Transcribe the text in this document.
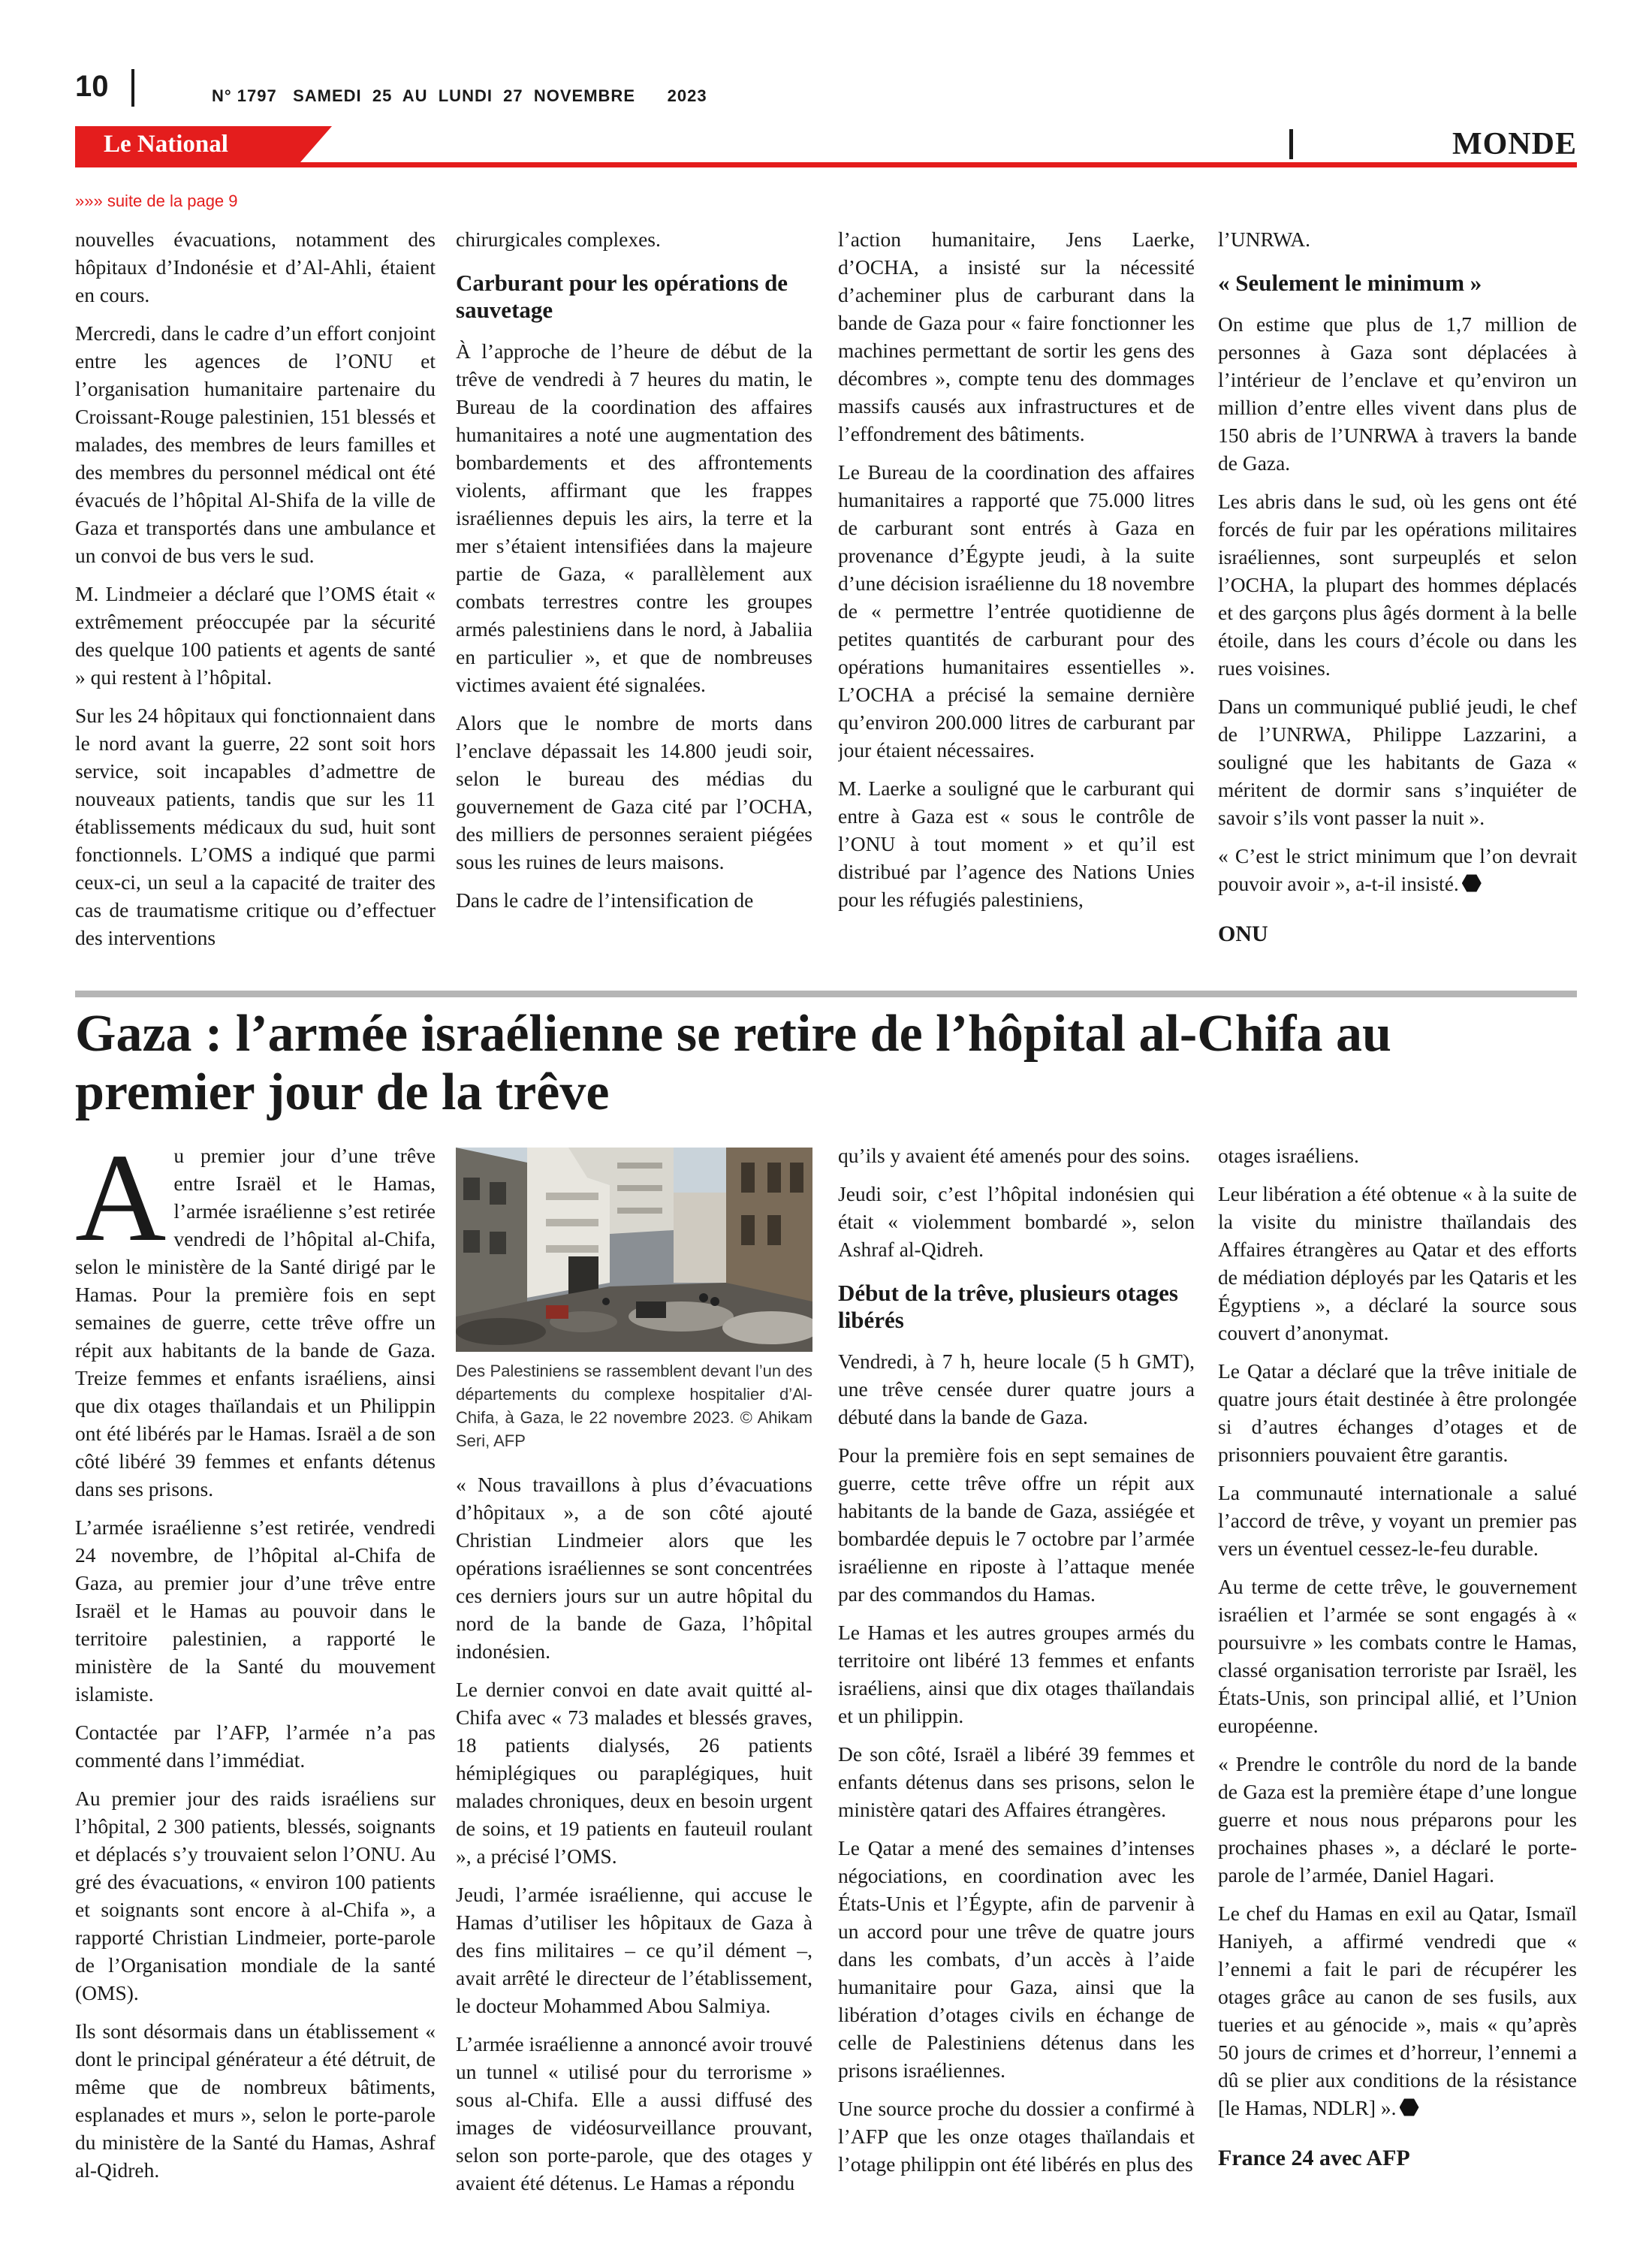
10	N° 1797   SAMEDI  25  AU  LUNDI  27  NOVEMBRE      2023
Le National	MONDE
»»» suite de la page 9

nouvelles évacuations, notamment des hôpitaux d’Indonésie et d’Al-Ahli, étaient en cours.

Mercredi, dans le cadre d’un effort conjoint entre les agences de l’ONU et l’organisation humanitaire partenaire du Croissant-Rouge palestinien, 151 blessés et malades, des membres de leurs familles et des membres du personnel médical ont été évacués de l’hôpital Al-Shifa de la ville de Gaza et transportés dans une ambulance et un convoi de bus vers le sud.

M. Lindmeier a déclaré que l’OMS était « extrêmement préoccupée par la sécurité des quelque 100 patients et agents de santé » qui restent à l’hôpital.

Sur les 24 hôpitaux qui fonctionnaient dans le nord avant la guerre, 22 sont soit hors service, soit incapables d’admettre de nouveaux patients, tandis que sur les 11 établissements médicaux du sud, huit sont fonctionnels. L’OMS a indiqué que parmi ceux-ci, un seul a la capacité de traiter des cas de traumatisme critique ou d’effectuer des interventions

chirurgicales complexes.

Carburant pour les opérations de sauvetage

À l’approche de l’heure de début de la trêve de vendredi à 7 heures du matin, le Bureau de la coordination des affaires humanitaires a noté une augmentation des bombardements et des affrontements violents, affirmant que les frappes israéliennes depuis les airs, la terre et la mer s’étaient intensifiées dans la majeure partie de Gaza, « parallèlement aux combats terrestres contre les groupes armés palestiniens dans le nord, à Jabaliia en particulier », et que de nombreuses victimes avaient été signalées.

Alors que le nombre de morts dans l’enclave dépassait les 14.800 jeudi soir, selon le bureau des médias du gouvernement de Gaza cité par l’OCHA, des milliers de personnes seraient piégées sous les ruines de leurs maisons.

Dans le cadre de l’intensification de

l’action humanitaire, Jens Laerke, d’OCHA, a insisté sur la nécessité d’acheminer plus de carburant dans la bande de Gaza pour « faire fonctionner les machines permettant de sortir les gens des décombres », compte tenu des dommages massifs causés aux infrastructures et de l’effondrement des bâtiments.

Le Bureau de la coordination des affaires humanitaires a rapporté que 75.000 litres de carburant sont entrés à Gaza en provenance d’Égypte jeudi, à la suite d’une décision israélienne du 18 novembre de « permettre l’entrée quotidienne de petites quantités de carburant pour des opérations humanitaires essentielles ». L’OCHA a précisé la semaine dernière qu’environ 200.000 litres de carburant par jour étaient nécessaires.

M. Laerke a souligné que le carburant qui entre à Gaza est « sous le contrôle de l’ONU à tout moment » et qu’il est distribué par l’agence des Nations Unies pour les réfugiés palestiniens,

l’UNRWA.

« Seulement le minimum »

On estime que plus de 1,7 million de personnes à Gaza sont déplacées à l’intérieur de l’enclave et qu’environ un million d’entre elles vivent dans plus de 150 abris de l’UNRWA à travers la bande de Gaza.

Les abris dans le sud, où les gens ont été forcés de fuir par les opérations militaires israéliennes, sont surpeuplés et selon l’OCHA, la plupart des hommes déplacés et des garçons plus âgés dorment à la belle étoile, dans les cours d’école ou dans les rues voisines.

Dans un communiqué publié jeudi, le chef de l’UNRWA, Philippe Lazzarini, a souligné que les habitants de Gaza « méritent de dormir sans s’inquiéter de savoir s’ils vont passer la nuit ».

« C’est le strict minimum que l’on devrait pouvoir avoir », a-t-il insisté.

ONU
Gaza : l’armée israélienne se retire de l’hôpital al-Chifa au premier jour de la trêve

Au premier jour d’une trêve entre Israël et le Hamas, l’armée israélienne s’est retirée vendredi de l’hôpital al-Chifa, selon le ministère de la Santé dirigé par le Hamas. Pour la première fois en sept semaines de guerre, cette trêve offre un répit aux habitants de la bande de Gaza. Treize femmes et enfants israéliens, ainsi que dix otages thaïlandais et un Philippin ont été libérés par le Hamas. Israël a de son côté libéré 39 femmes et enfants détenus dans ses prisons.

L’armée israélienne s’est retirée, vendredi 24 novembre, de l’hôpital al-Chifa de Gaza, au premier jour d’une trêve entre Israël et le Hamas au pouvoir dans le territoire palestinien, a rapporté le ministère de la Santé du mouvement islamiste.

Contactée par l’AFP, l’armée n’a pas commenté dans l’immédiat.

Au premier jour des raids israéliens sur l’hôpital, 2 300 patients, blessés, soignants et déplacés s’y trouvaient selon l’ONU. Au gré des évacuations, « environ 100 patients et soignants sont encore à al-Chifa », a rapporté Christian Lindmeier, porte-parole de l’Organisation mondiale de la santé (OMS).

Ils sont désormais dans un établissement « dont le principal générateur a été détruit, de même que de nombreux bâtiments, esplanades et murs », selon le porte-parole du ministère de la Santé du Hamas, Ashraf al-Qidreh.

Des Palestiniens se rassemblent devant l’un des départements du complexe hospitalier d’Al-Chifa, à Gaza, le 22 novembre 2023. © Ahikam Seri, AFP

« Nous travaillons à plus d’évacuations d’hôpitaux », a de son côté ajouté Christian Lindmeier alors que les opérations israéliennes se sont concentrées ces derniers jours sur un autre hôpital du nord de la bande de Gaza, l’hôpital indonésien.

Le dernier convoi en date avait quitté al-Chifa avec « 73 malades et blessés graves, 18 patients dialysés, 26 patients hémiplégiques ou paraplégiques, huit malades chroniques, deux en besoin urgent de soins, et 19 patients en fauteuil roulant », a précisé l’OMS.

Jeudi, l’armée israélienne, qui accuse le Hamas d’utiliser les hôpitaux de Gaza à des fins militaires – ce qu’il dément –, avait arrêté le directeur de l’établissement, le docteur Mohammed Abou Salmiya.

L’armée israélienne a annoncé avoir trouvé un tunnel « utilisé pour du terrorisme » sous al-Chifa. Elle a aussi diffusé des images de vidéosurveillance prouvant, selon son porte-parole, que des otages y avaient été détenus. Le Hamas a répondu

qu’ils y avaient été amenés pour des soins.

Jeudi soir, c’est l’hôpital indonésien qui était « violemment bombardé », selon Ashraf al-Qidreh.

Début de la trêve, plusieurs otages libérés

Vendredi, à 7 h, heure locale (5 h GMT), une trêve censée durer quatre jours a débuté dans la bande de Gaza.

Pour la première fois en sept semaines de guerre, cette trêve offre un répit aux habitants de la bande de Gaza, assiégée et bombardée depuis le 7 octobre par l’armée israélienne en riposte à l’attaque menée par des commandos du Hamas.

Le Hamas et les autres groupes armés du territoire ont libéré 13 femmes et enfants israéliens, ainsi que dix otages thaïlandais et un philippin.

De son côté, Israël a libéré 39 femmes et enfants détenus dans ses prisons, selon le ministère qatari des Affaires étrangères.

Le Qatar a mené des semaines d’intenses négociations, en coordination avec les États-Unis et l’Égypte, afin de parvenir à un accord pour une trêve de quatre jours dans les combats, d’un accès à l’aide humanitaire pour Gaza, ainsi que la libération d’otages civils en échange de celle de Palestiniens détenus dans les prisons israéliennes.

Une source proche du dossier a confirmé à l’AFP que les onze otages thaïlandais et l’otage philippin ont été libérés en plus des

otages israéliens.

Leur libération a été obtenue « à la suite de la visite du ministre thaïlandais des Affaires étrangères au Qatar et des efforts de médiation déployés par les Qataris et les Égyptiens », a déclaré la source sous couvert d’anonymat.

Le Qatar a déclaré que la trêve initiale de quatre jours était destinée à être prolongée si d’autres échanges d’otages et de prisonniers pouvaient être garantis.

La communauté internationale a salué l’accord de trêve, y voyant un premier pas vers un éventuel cessez-le-feu durable.

Au terme de cette trêve, le gouvernement israélien et l’armée se sont engagés à « poursuivre » les combats contre le Hamas, classé organisation terroriste par Israël, les États-Unis, son principal allié, et l’Union européenne.

« Prendre le contrôle du nord de la bande de Gaza est la première étape d’une longue guerre et nous nous préparons pour les prochaines phases », a déclaré le porte-parole de l’armée, Daniel Hagari.

Le chef du Hamas en exil au Qatar, Ismaïl Haniyeh, a affirmé vendredi que « l’ennemi a fait le pari de récupérer les otages grâce au canon de ses fusils, aux tueries et au génocide », mais « qu’après 50 jours de crimes et d’horreur, l’ennemi a dû se plier aux conditions de la résistance [le Hamas, NDLR] ».

France 24 avec AFP
